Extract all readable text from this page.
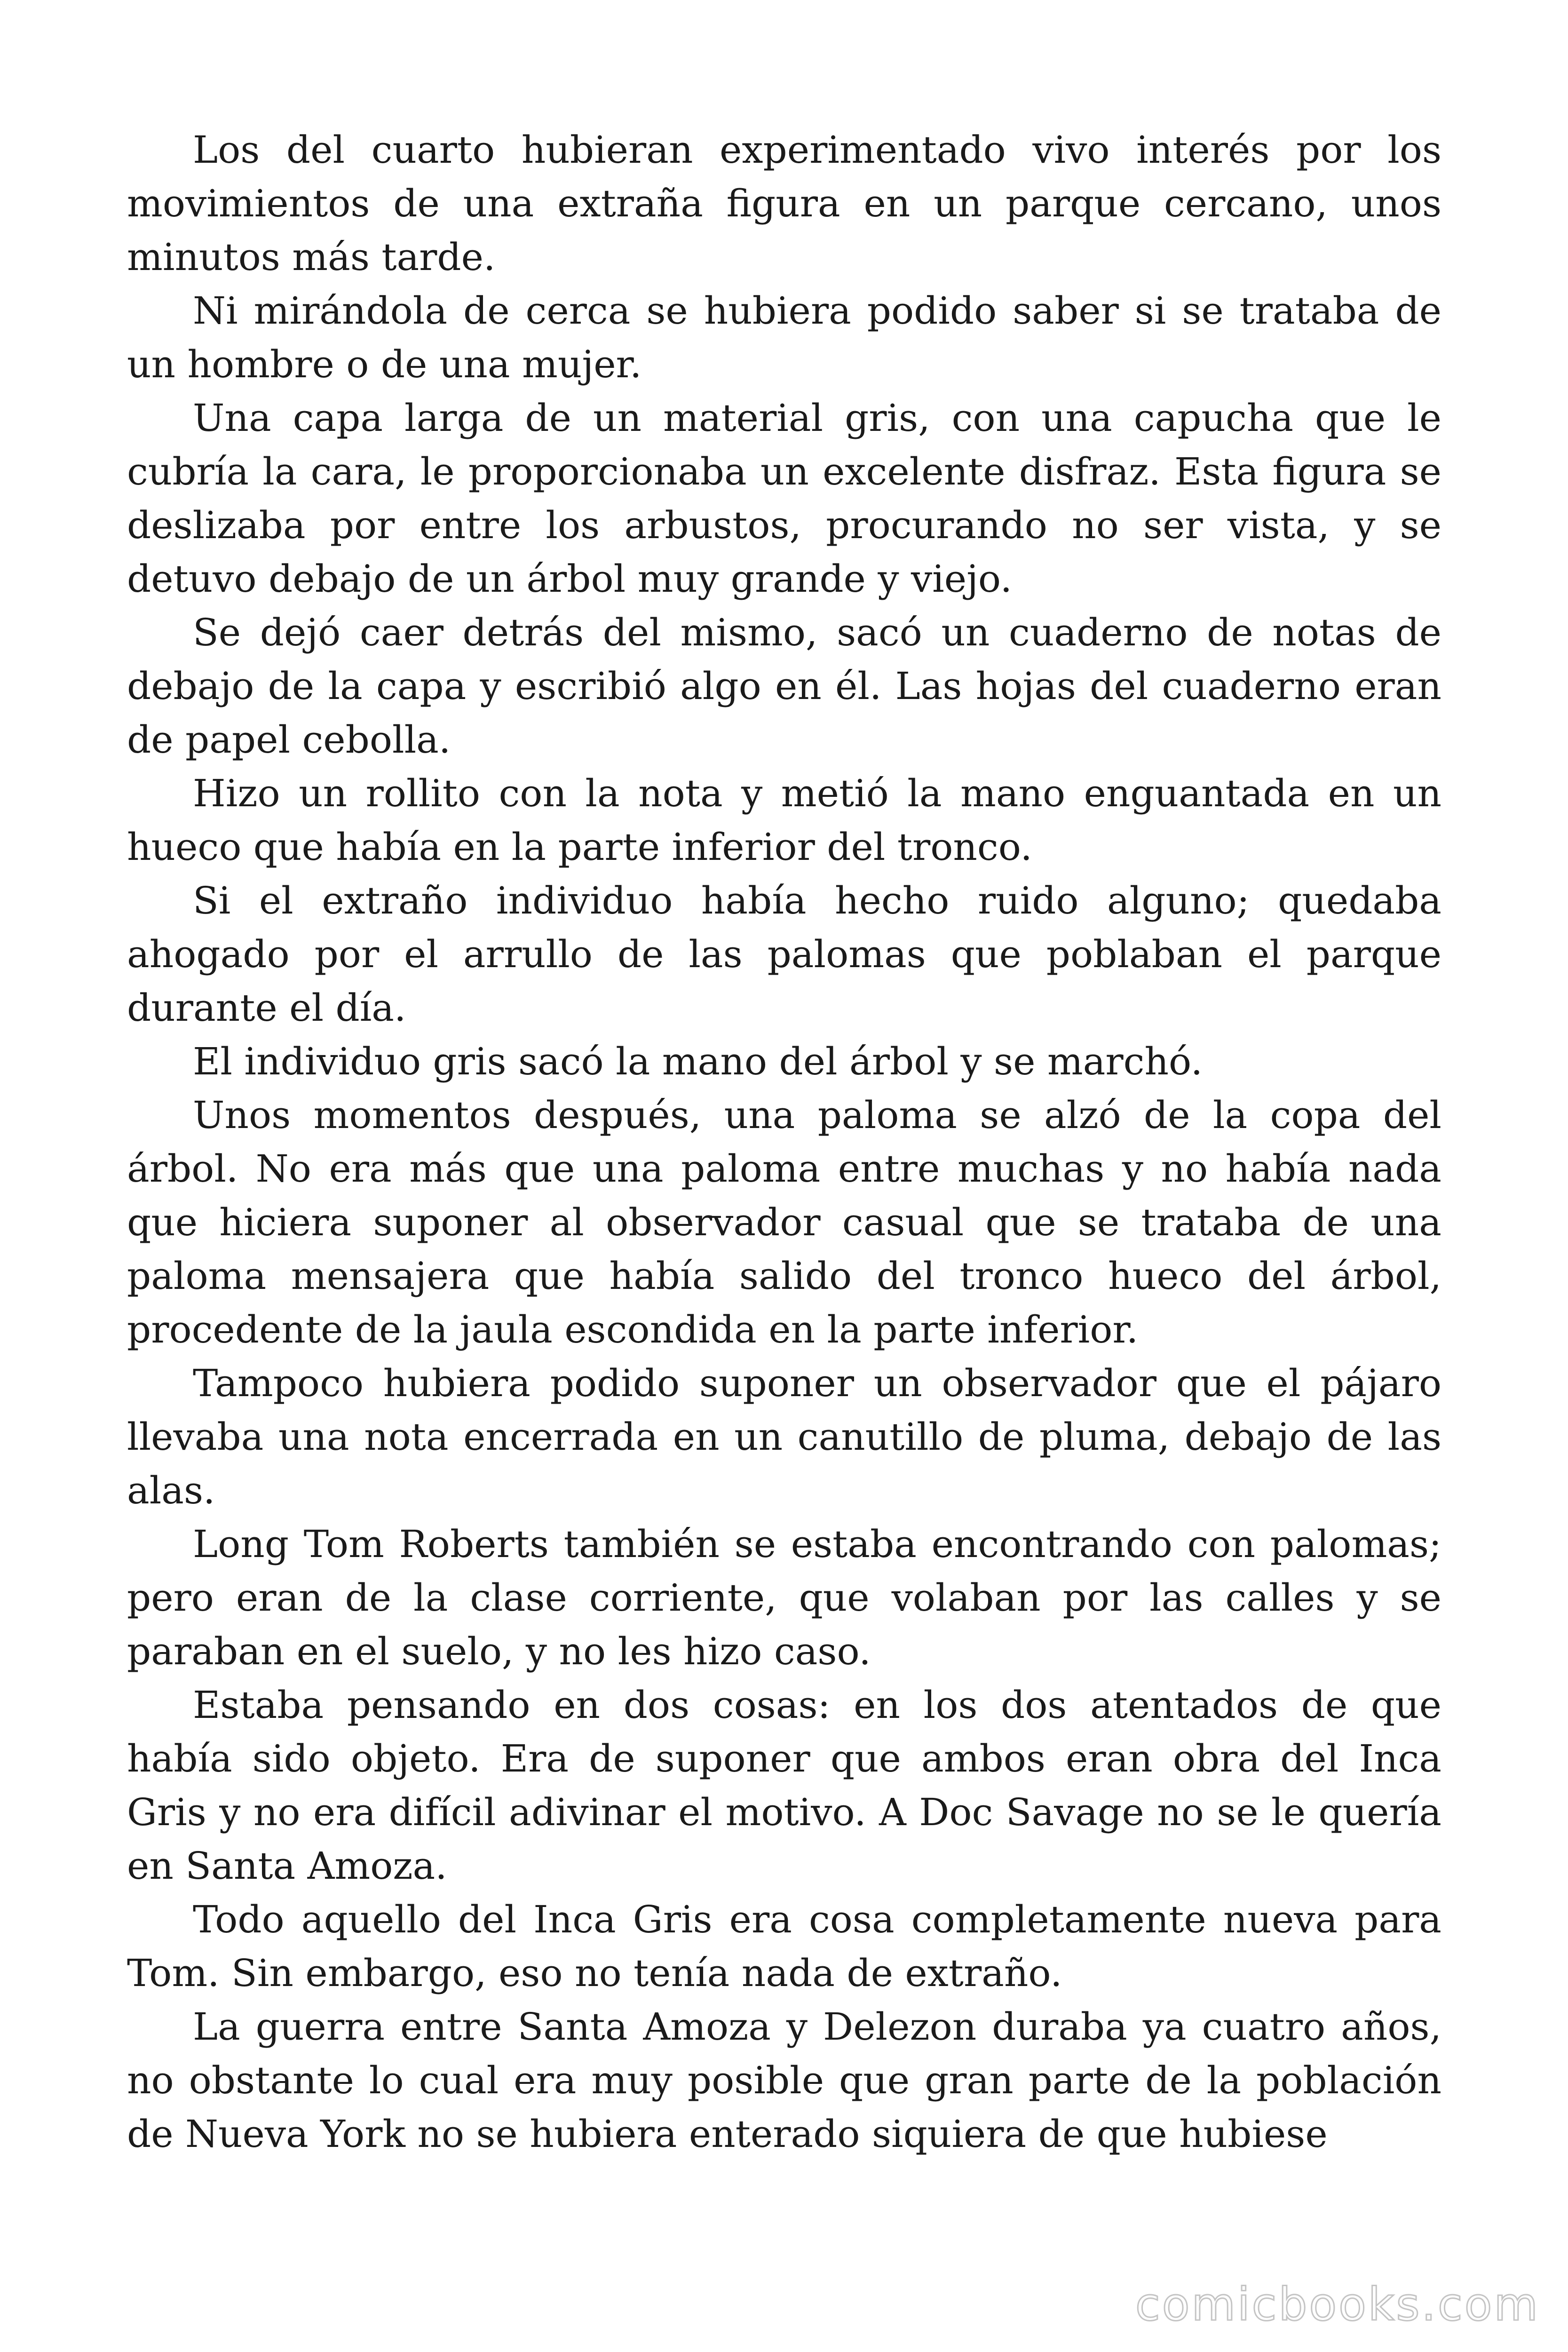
Los del cuarto hubieran experimentado vivo interés por los movimientos de una extraña figura en un parque cercano, unos minutos más tarde.

Ni mirándola de cerca se hubiera podido saber si se trataba de un hombre o de una mujer.

Una capa larga de un material gris, con una capucha que le cubría la cara, le proporcionaba un excelente disfraz. Esta figura se deslizaba por entre los arbustos, procurando no ser vista, y se detuvo debajo de un árbol muy grande y viejo.

Se dejó caer detrás del mismo, sacó un cuaderno de notas de debajo de la capa y escribió algo en él. Las hojas del cuaderno eran de papel cebolla.

Hizo un rollito con la nota y metió la mano enguantada en un hueco que había en la parte inferior del tronco.

Si el extraño individuo había hecho ruido alguno; quedaba ahogado por el arrullo de las palomas que poblaban el parque durante el día.

El individuo gris sacó la mano del árbol y se marchó.

Unos momentos después, una paloma se alzó de la copa del árbol. No era más que una paloma entre muchas y no había nada que hiciera suponer al observador casual que se trataba de una paloma mensajera que había salido del tronco hueco del árbol, procedente de la jaula escondida en la parte inferior.

Tampoco hubiera podido suponer un observador que el pájaro llevaba una nota encerrada en un canutillo de pluma, debajo de las alas.

Long Tom Roberts también se estaba encontrando con palomas; pero eran de la clase corriente, que volaban por las calles y se paraban en el suelo, y no les hizo caso.

Estaba pensando en dos cosas: en los dos atentados de que había sido objeto. Era de suponer que ambos eran obra del Inca Gris y no era difícil adivinar el motivo. A Doc Savage no se le quería en Santa Amoza.

Todo aquello del Inca Gris era cosa completamente nueva para Tom. Sin embargo, eso no tenía nada de extraño.

La guerra entre Santa Amoza y Delezon duraba ya cuatro años, no obstante lo cual era muy posible que gran parte de la población de Nueva York no se hubiera enterado siquiera de que hubiese

comicbooks.com
